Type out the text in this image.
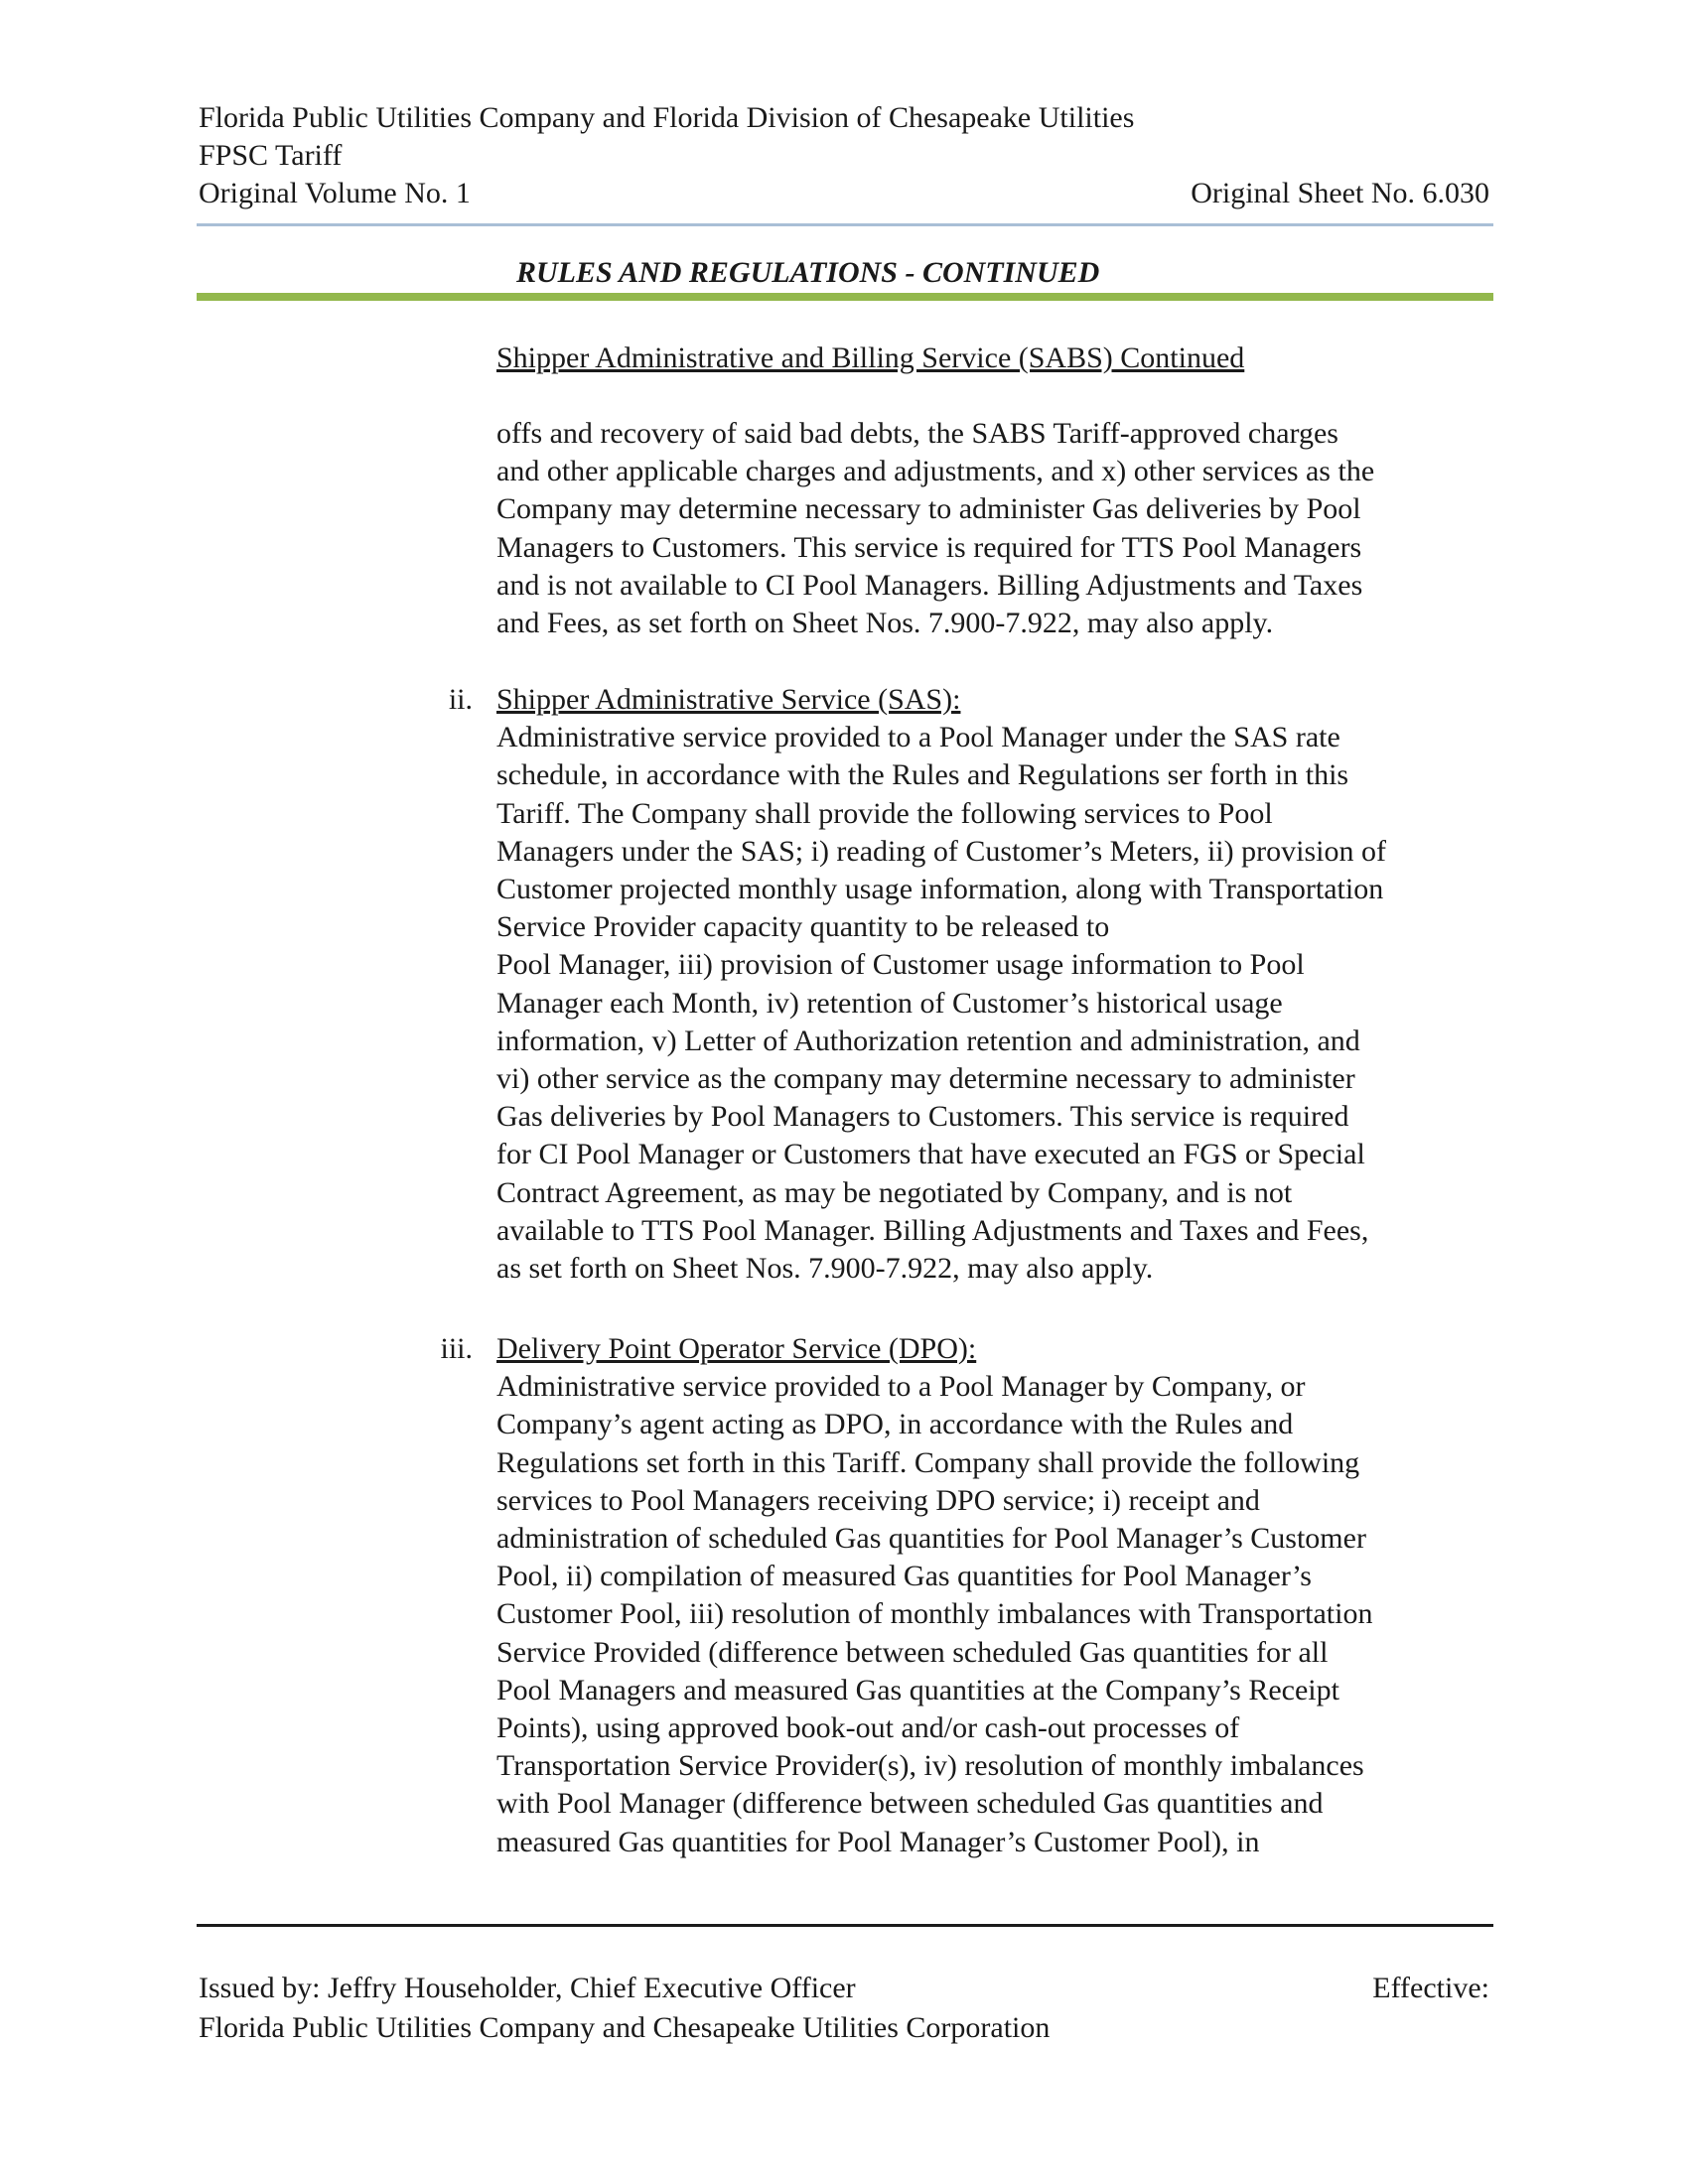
Florida Public Utilities Company and Florida Division of Chesapeake Utilities
FPSC Tariff
Original Volume No. 1	Original Sheet No. 6.030
RULES AND REGULATIONS - CONTINUED
Shipper Administrative and Billing Service (SABS) Continued
offs and recovery of said bad debts, the SABS Tariff-approved charges
and other applicable charges and adjustments, and x) other services as the
Company may determine necessary to administer Gas deliveries by Pool
Managers to Customers. This service is required for TTS Pool Managers
and is not available to CI Pool Managers. Billing Adjustments and Taxes
and Fees, as set forth on Sheet Nos. 7.900-7.922, may also apply.
ii. Shipper Administrative Service (SAS):
Administrative service provided to a Pool Manager under the SAS rate
schedule, in accordance with the Rules and Regulations ser forth in this
Tariff. The Company shall provide the following services to Pool
Managers under the SAS; i) reading of Customer’s Meters, ii) provision of
Customer projected monthly usage information, along with Transportation
Service Provider capacity quantity to be released to
Pool Manager, iii) provision of Customer usage information to Pool
Manager each Month, iv) retention of Customer’s historical usage
information, v) Letter of Authorization retention and administration, and
vi) other service as the company may determine necessary to administer
Gas deliveries by Pool Managers to Customers. This service is required
for CI Pool Manager or Customers that have executed an FGS or Special
Contract Agreement, as may be negotiated by Company, and is not
available to TTS Pool Manager. Billing Adjustments and Taxes and Fees,
as set forth on Sheet Nos. 7.900-7.922, may also apply.
iii. Delivery Point Operator Service (DPO):
Administrative service provided to a Pool Manager by Company, or
Company’s agent acting as DPO, in accordance with the Rules and
Regulations set forth in this Tariff. Company shall provide the following
services to Pool Managers receiving DPO service; i) receipt and
administration of scheduled Gas quantities for Pool Manager’s Customer
Pool, ii) compilation of measured Gas quantities for Pool Manager’s
Customer Pool, iii) resolution of monthly imbalances with Transportation
Service Provided (difference between scheduled Gas quantities for all
Pool Managers and measured Gas quantities at the Company’s Receipt
Points), using approved book-out and/or cash-out processes of
Transportation Service Provider(s), iv) resolution of monthly imbalances
with Pool Manager (difference between scheduled Gas quantities and
measured Gas quantities for Pool Manager’s Customer Pool), in
Issued by: Jeffry Householder, Chief Executive Officer	Effective:
Florida Public Utilities Company and Chesapeake Utilities Corporation
